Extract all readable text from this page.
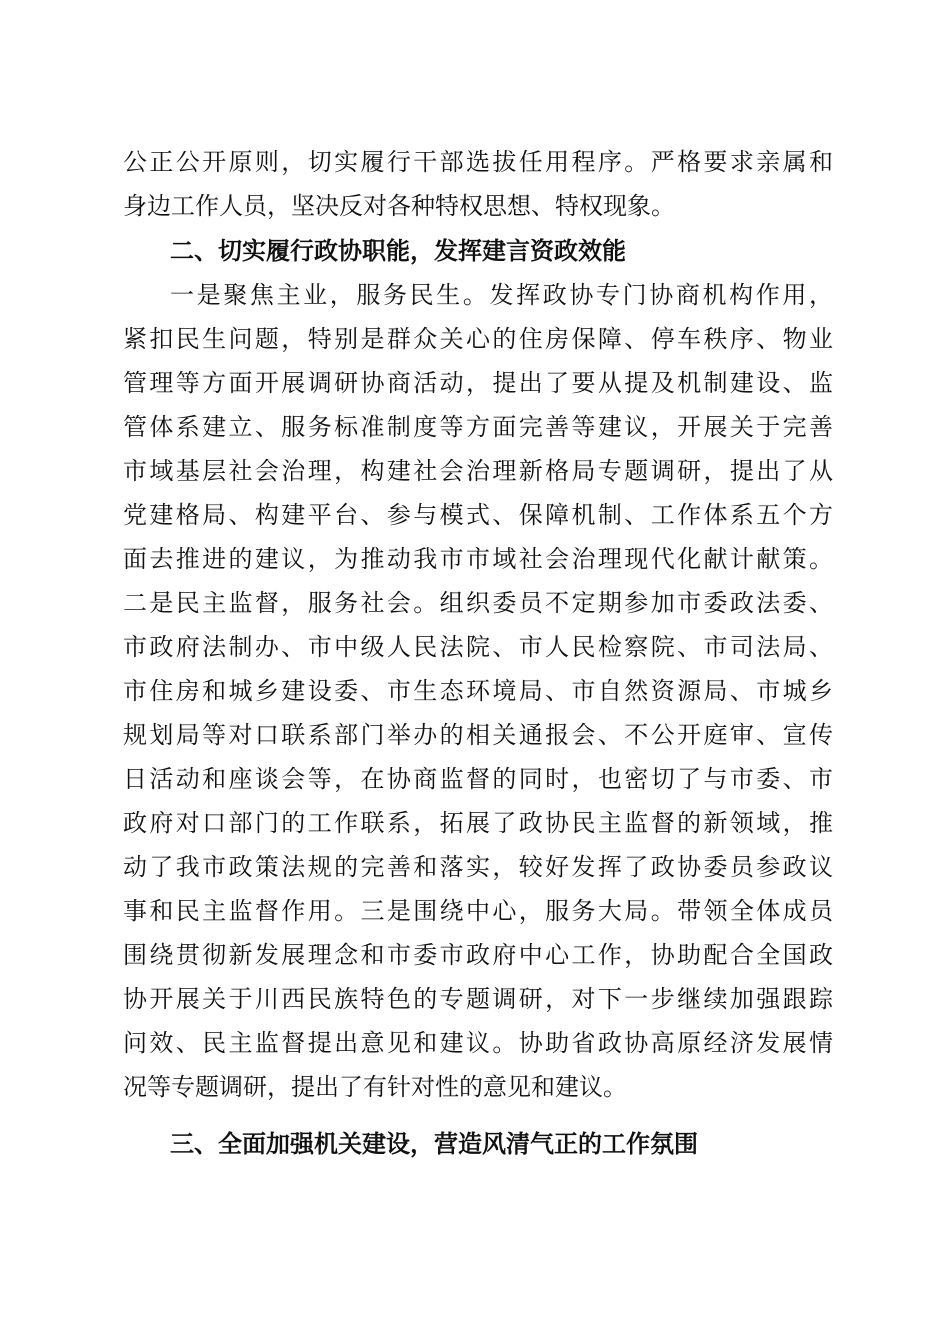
公正公开原则，切实履行干部选拔任用程序。严格要求亲属和
身边工作人员，坚决反对各种特权思想、特权现象。
二、切实履行政协职能，发挥建言资政效能
一是聚焦主业，服务民生。发挥政协专门协商机构作用，
紧扣民生问题，特别是群众关心的住房保障、停车秩序、物业
管理等方面开展调研协商活动，提出了要从提及机制建设、监
管体系建立、服务标准制度等方面完善等建议，开展关于完善
市域基层社会治理，构建社会治理新格局专题调研，提出了从
党建格局、构建平台、参与模式、保障机制、工作体系五个方
面去推进的建议，为推动我市市域社会治理现代化献计献策。
二是民主监督，服务社会。组织委员不定期参加市委政法委、
市政府法制办、市中级人民法院、市人民检察院、市司法局、
市住房和城乡建设委、市生态环境局、市自然资源局、市城乡
规划局等对口联系部门举办的相关通报会、不公开庭审、宣传
日活动和座谈会等，在协商监督的同时，也密切了与市委、市
政府对口部门的工作联系，拓展了政协民主监督的新领域，推
动了我市政策法规的完善和落实，较好发挥了政协委员参政议
事和民主监督作用。三是围绕中心，服务大局。带领全体成员
围绕贯彻新发展理念和市委市政府中心工作，协助配合全国政
协开展关于川西民族特色的专题调研，对下一步继续加强跟踪
问效、民主监督提出意见和建议。协助省政协高原经济发展情
况等专题调研，提出了有针对性的意见和建议。
三、全面加强机关建设，营造风清气正的工作氛围
